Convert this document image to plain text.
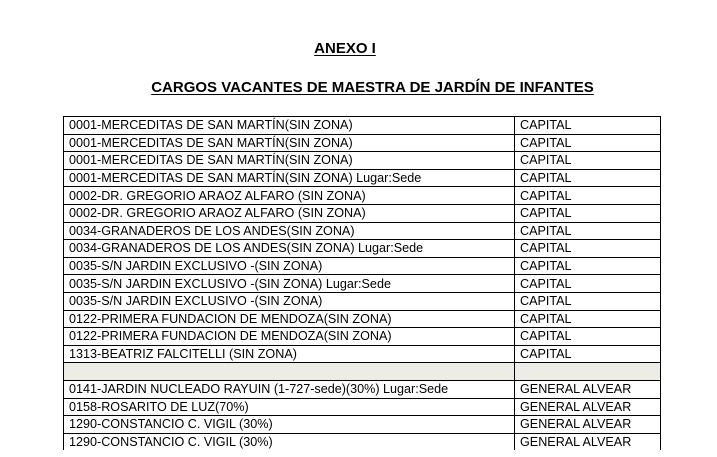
ANEXO I
CARGOS VACANTES DE MAESTRA DE JARDÍN DE INFANTES
0001-MERCEDITAS DE SAN MARTÍN(SIN ZONA)	CAPITAL
0001-MERCEDITAS DE SAN MARTÍN(SIN ZONA)	CAPITAL
0001-MERCEDITAS DE SAN MARTÍN(SIN ZONA)	CAPITAL
0001-MERCEDITAS DE SAN MARTÍN(SIN ZONA) Lugar:Sede	CAPITAL
0002-DR. GREGORIO ARAOZ ALFARO (SIN ZONA)	CAPITAL
0002-DR. GREGORIO ARAOZ ALFARO (SIN ZONA)	CAPITAL
0034-GRANADEROS DE LOS ANDES(SIN ZONA)	CAPITAL
0034-GRANADEROS DE LOS ANDES(SIN ZONA) Lugar:Sede	CAPITAL
0035-S/N JARDIN EXCLUSIVO -(SIN ZONA)	CAPITAL
0035-S/N JARDIN EXCLUSIVO -(SIN ZONA) Lugar:Sede	CAPITAL
0035-S/N JARDIN EXCLUSIVO -(SIN ZONA)	CAPITAL
0122-PRIMERA FUNDACION DE MENDOZA(SIN ZONA)	CAPITAL
0122-PRIMERA FUNDACION DE MENDOZA(SIN ZONA)	CAPITAL
1313-BEATRIZ FALCITELLI (SIN ZONA)	CAPITAL

0141-JARDIN NUCLEADO RAYUIN (1-727-sede)(30%) Lugar:Sede	GENERAL ALVEAR
0158-ROSARITO DE LUZ(70%)	GENERAL ALVEAR
1290-CONSTANCIO C. VIGIL (30%)	GENERAL ALVEAR
1290-CONSTANCIO C. VIGIL (30%)	GENERAL ALVEAR
